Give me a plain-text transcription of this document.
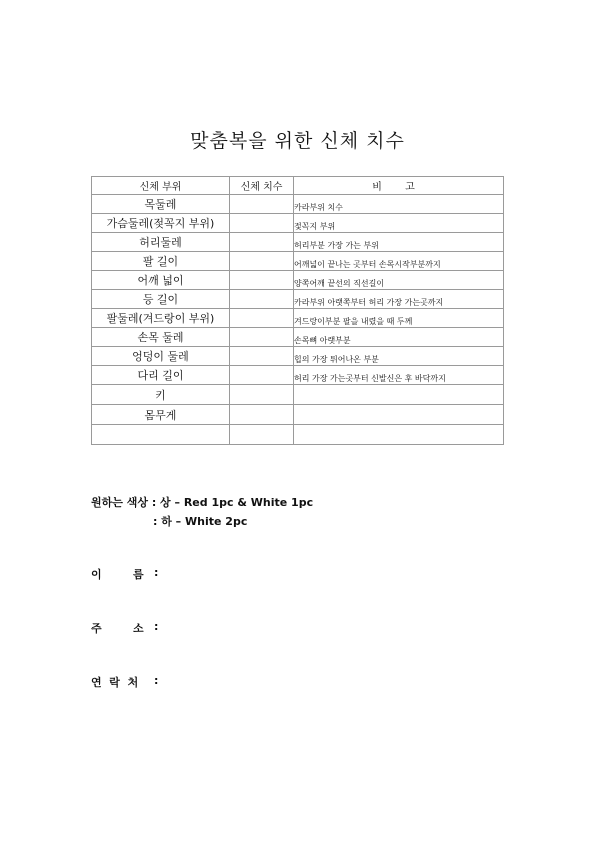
맞춤복을 위한 신체 치수
신체 부위	신체 치수	비 고
목둘레		카라부위 치수
가슴둘레(젖꼭지 부위)		젖꼭지 부위
허리둘레		허리부분 가장 가는 부위
팔 길이		어깨넓이 끝나는 곳부터 손목시작부분까지
어깨 넓이		양쪽어깨 끝선의 직선길이
등 길이		카라부위 아랫쪽부터 허리 가장 가는곳까지
팔둘레(겨드랑이 부위)		겨드랑이부분 팔을 내렸을 때 두께
손목 둘레		손목뼈 아랫부분
엉덩이 둘레		힙의 가장 튀어나온 부분
다리 길이		허리 가장 가는곳부터 신발신은 후 바닥까지
키		
몸무게		

원하는 색상 : 상 – Red 1pc & White 1pc
: 하 – White 2pc
이	름 :
주	소 :
연  락  처 :
